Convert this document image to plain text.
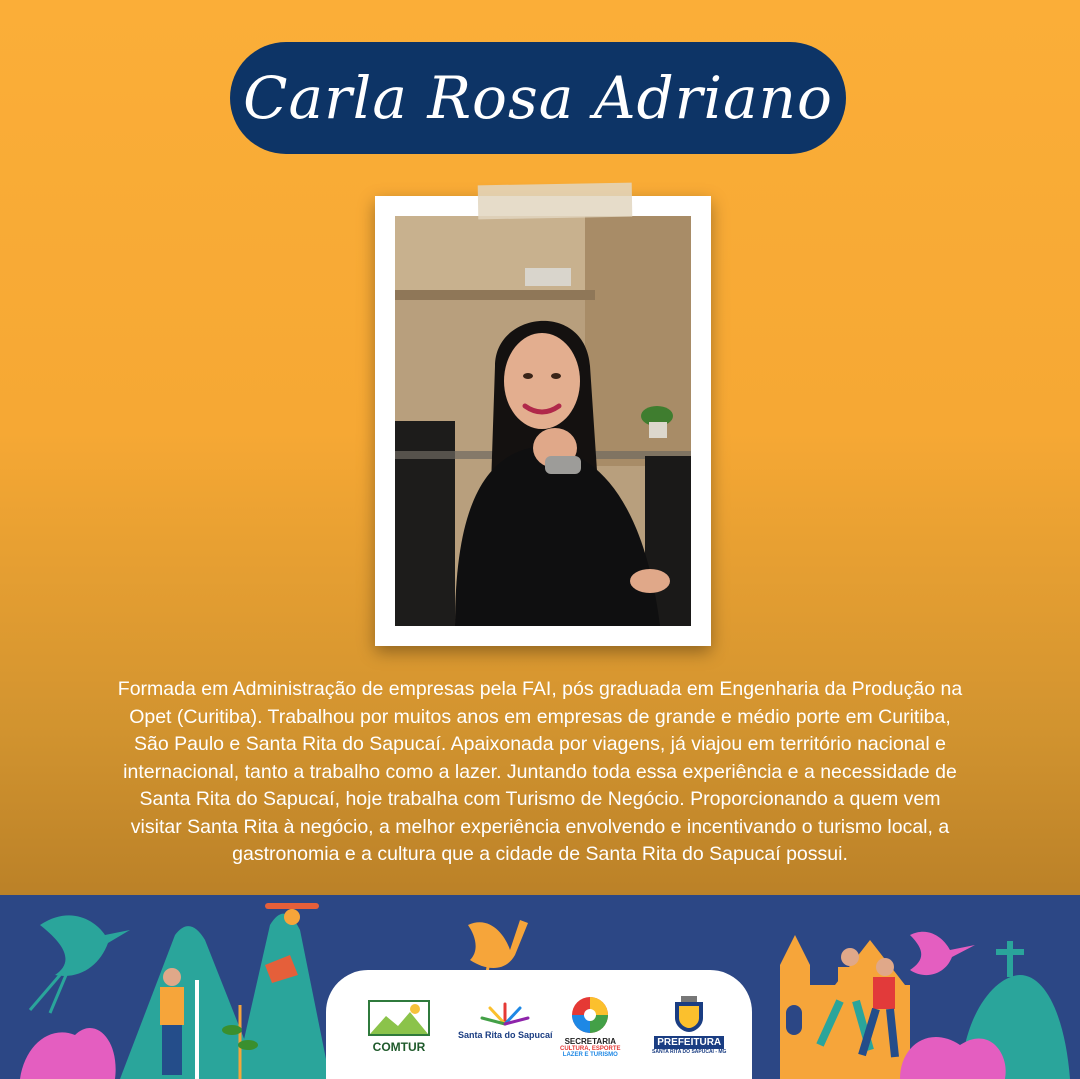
Carla Rosa Adriano
Formada em Administração de empresas pela FAI, pós graduada em Engenharia da Produção na
Opet (Curitiba). Trabalhou por muitos anos em empresas de grande e médio porte em Curitiba,
São Paulo e Santa Rita do Sapucaí. Apaixonada por viagens, já viajou em território nacional e
internacional, tanto a trabalho como a lazer. Juntando toda essa experiência e a necessidade de
Santa Rita do Sapucaí, hoje trabalha com Turismo de Negócio. Proporcionando a quem vem
visitar Santa Rita à negócio, a melhor experiência envolvendo e incentivando o turismo local, a
gastronomia e a cultura que a cidade de Santa Rita do Sapucaí possui.
COMTUR
Santa Rita do Sapucaí
SECRETARIA
CULTURA, ESPORTE
LAZER E TURISMO
PREFEITURA
SANTA RITA DO SAPUCAÍ - MG
